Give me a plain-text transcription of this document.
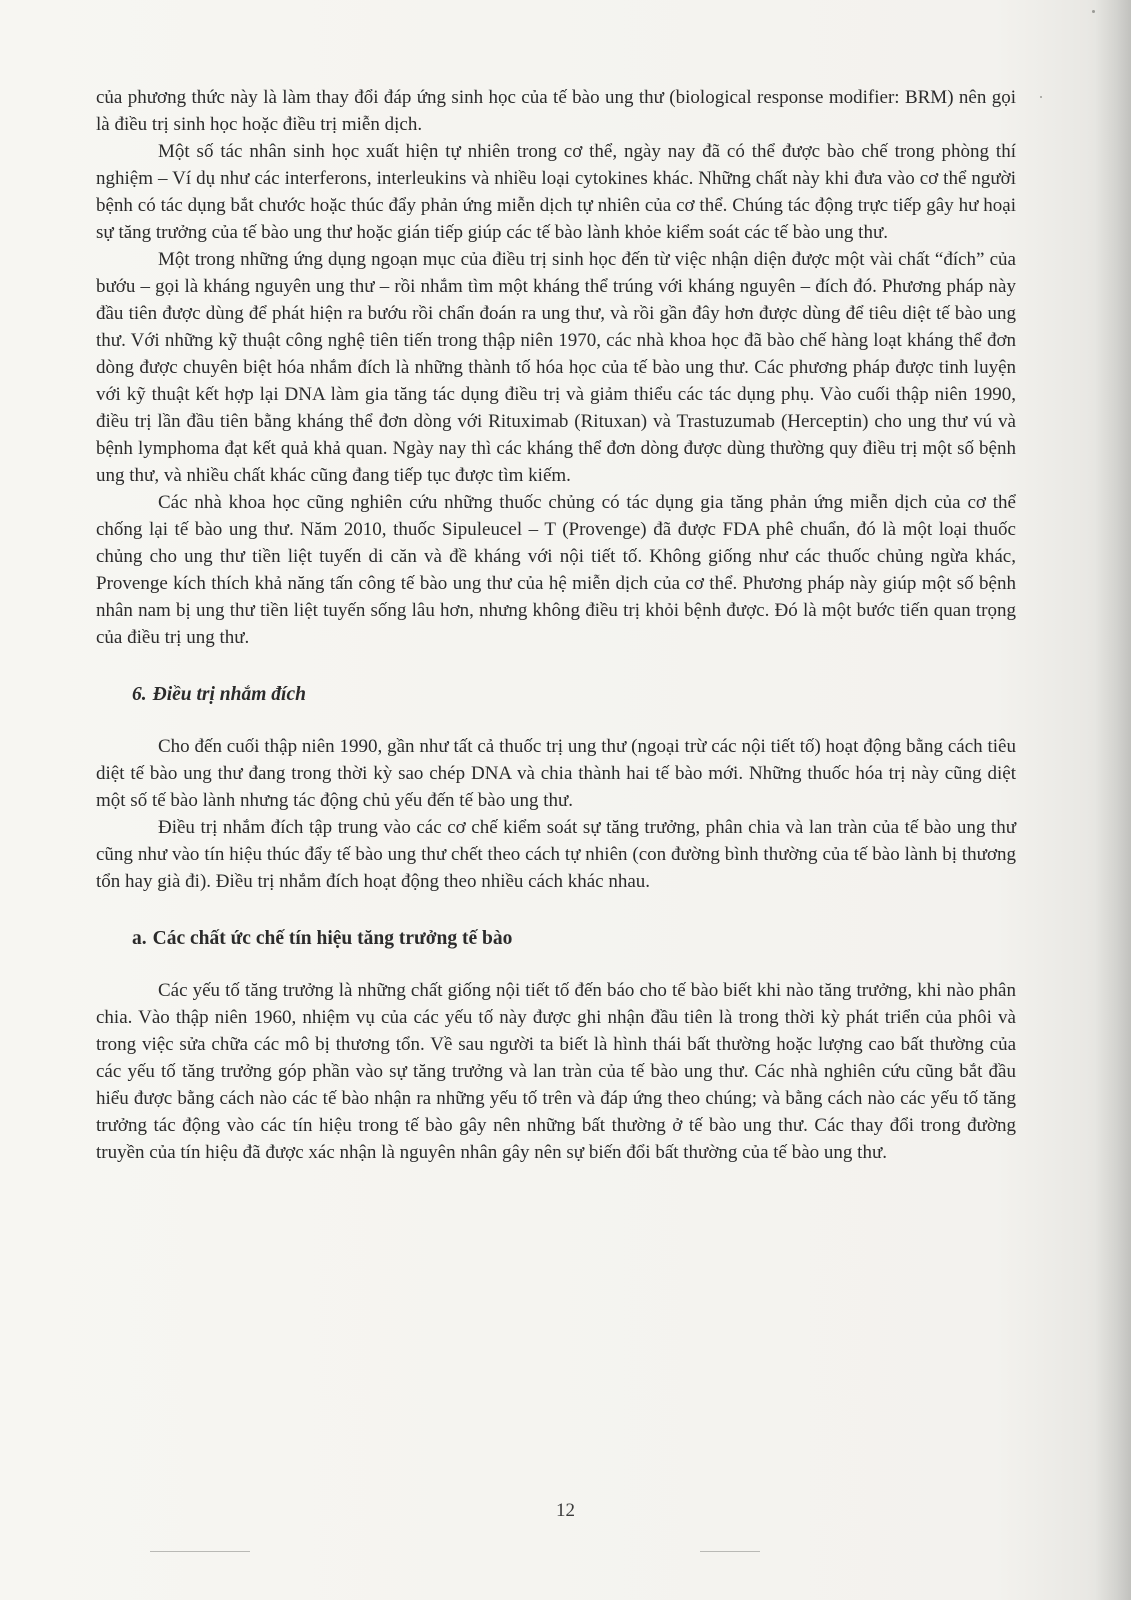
của phương thức này là làm thay đổi đáp ứng sinh học của tế bào ung thư (biological response modifier: BRM) nên gọi là điều trị sinh học hoặc điều trị miễn dịch.

Một số tác nhân sinh học xuất hiện tự nhiên trong cơ thể, ngày nay đã có thể được bào chế trong phòng thí nghiệm – Ví dụ như các interferons, interleukins và nhiều loại cytokines khác. Những chất này khi đưa vào cơ thể người bệnh có tác dụng bắt chước hoặc thúc đẩy phản ứng miễn dịch tự nhiên của cơ thể. Chúng tác động trực tiếp gây hư hoại sự tăng trưởng của tế bào ung thư hoặc gián tiếp giúp các tế bào lành khỏe kiểm soát các tế bào ung thư.

Một trong những ứng dụng ngoạn mục của điều trị sinh học đến từ việc nhận diện được một vài chất “đích” của bướu – gọi là kháng nguyên ung thư – rồi nhắm tìm một kháng thể trúng với kháng nguyên – đích đó. Phương pháp này đầu tiên được dùng để phát hiện ra bướu rồi chẩn đoán ra ung thư, và rồi gần đây hơn được dùng để tiêu diệt tế bào ung thư. Với những kỹ thuật công nghệ tiên tiến trong thập niên 1970, các nhà khoa học đã bào chế hàng loạt kháng thể đơn dòng được chuyên biệt hóa nhắm đích là những thành tố hóa học của tế bào ung thư. Các phương pháp được tinh luyện với kỹ thuật kết hợp lại DNA làm gia tăng tác dụng điều trị và giảm thiểu các tác dụng phụ. Vào cuối thập niên 1990, điều trị lần đầu tiên bằng kháng thể đơn dòng với Rituximab (Rituxan) và Trastuzumab (Herceptin) cho ung thư vú và bệnh lymphoma đạt kết quả khả quan. Ngày nay thì các kháng thể đơn dòng được dùng thường quy điều trị một số bệnh ung thư, và nhiều chất khác cũng đang tiếp tục được tìm kiếm.

Các nhà khoa học cũng nghiên cứu những thuốc chủng có tác dụng gia tăng phản ứng miễn dịch của cơ thể chống lại tế bào ung thư. Năm 2010, thuốc Sipuleucel – T (Provenge) đã được FDA phê chuẩn, đó là một loại thuốc chủng cho ung thư tiền liệt tuyến di căn và đề kháng với nội tiết tố. Không giống như các thuốc chủng ngừa khác, Provenge kích thích khả năng tấn công tế bào ung thư của hệ miễn dịch của cơ thể. Phương pháp này giúp một số bệnh nhân nam bị ung thư tiền liệt tuyến sống lâu hơn, nhưng không điều trị khỏi bệnh được. Đó là một bước tiến quan trọng của điều trị ung thư.

6. Điều trị nhắm đích

Cho đến cuối thập niên 1990, gần như tất cả thuốc trị ung thư (ngoại trừ các nội tiết tố) hoạt động bằng cách tiêu diệt tế bào ung thư đang trong thời kỳ sao chép DNA và chia thành hai tế bào mới. Những thuốc hóa trị này cũng diệt một số tế bào lành nhưng tác động chủ yếu đến tế bào ung thư.

Điều trị nhắm đích tập trung vào các cơ chế kiểm soát sự tăng trưởng, phân chia và lan tràn của tế bào ung thư cũng như vào tín hiệu thúc đẩy tế bào ung thư chết theo cách tự nhiên (con đường bình thường của tế bào lành bị thương tổn hay già đi). Điều trị nhắm đích hoạt động theo nhiều cách khác nhau.

a. Các chất ức chế tín hiệu tăng trưởng tế bào

Các yếu tố tăng trưởng là những chất giống nội tiết tố đến báo cho tế bào biết khi nào tăng trưởng, khi nào phân chia. Vào thập niên 1960, nhiệm vụ của các yếu tố này được ghi nhận đầu tiên là trong thời kỳ phát triển của phôi và trong việc sửa chữa các mô bị thương tổn. Về sau người ta biết là hình thái bất thường hoặc lượng cao bất thường của các yếu tố tăng trưởng góp phần vào sự tăng trưởng và lan tràn của tế bào ung thư. Các nhà nghiên cứu cũng bắt đầu hiểu được bằng cách nào các tế bào nhận ra những yếu tố trên và đáp ứng theo chúng; và bằng cách nào các yếu tố tăng trưởng tác động vào các tín hiệu trong tế bào gây nên những bất thường ở tế bào ung thư. Các thay đổi trong đường truyền của tín hiệu đã được xác nhận là nguyên nhân gây nên sự biến đổi bất thường của tế bào ung thư.

12
